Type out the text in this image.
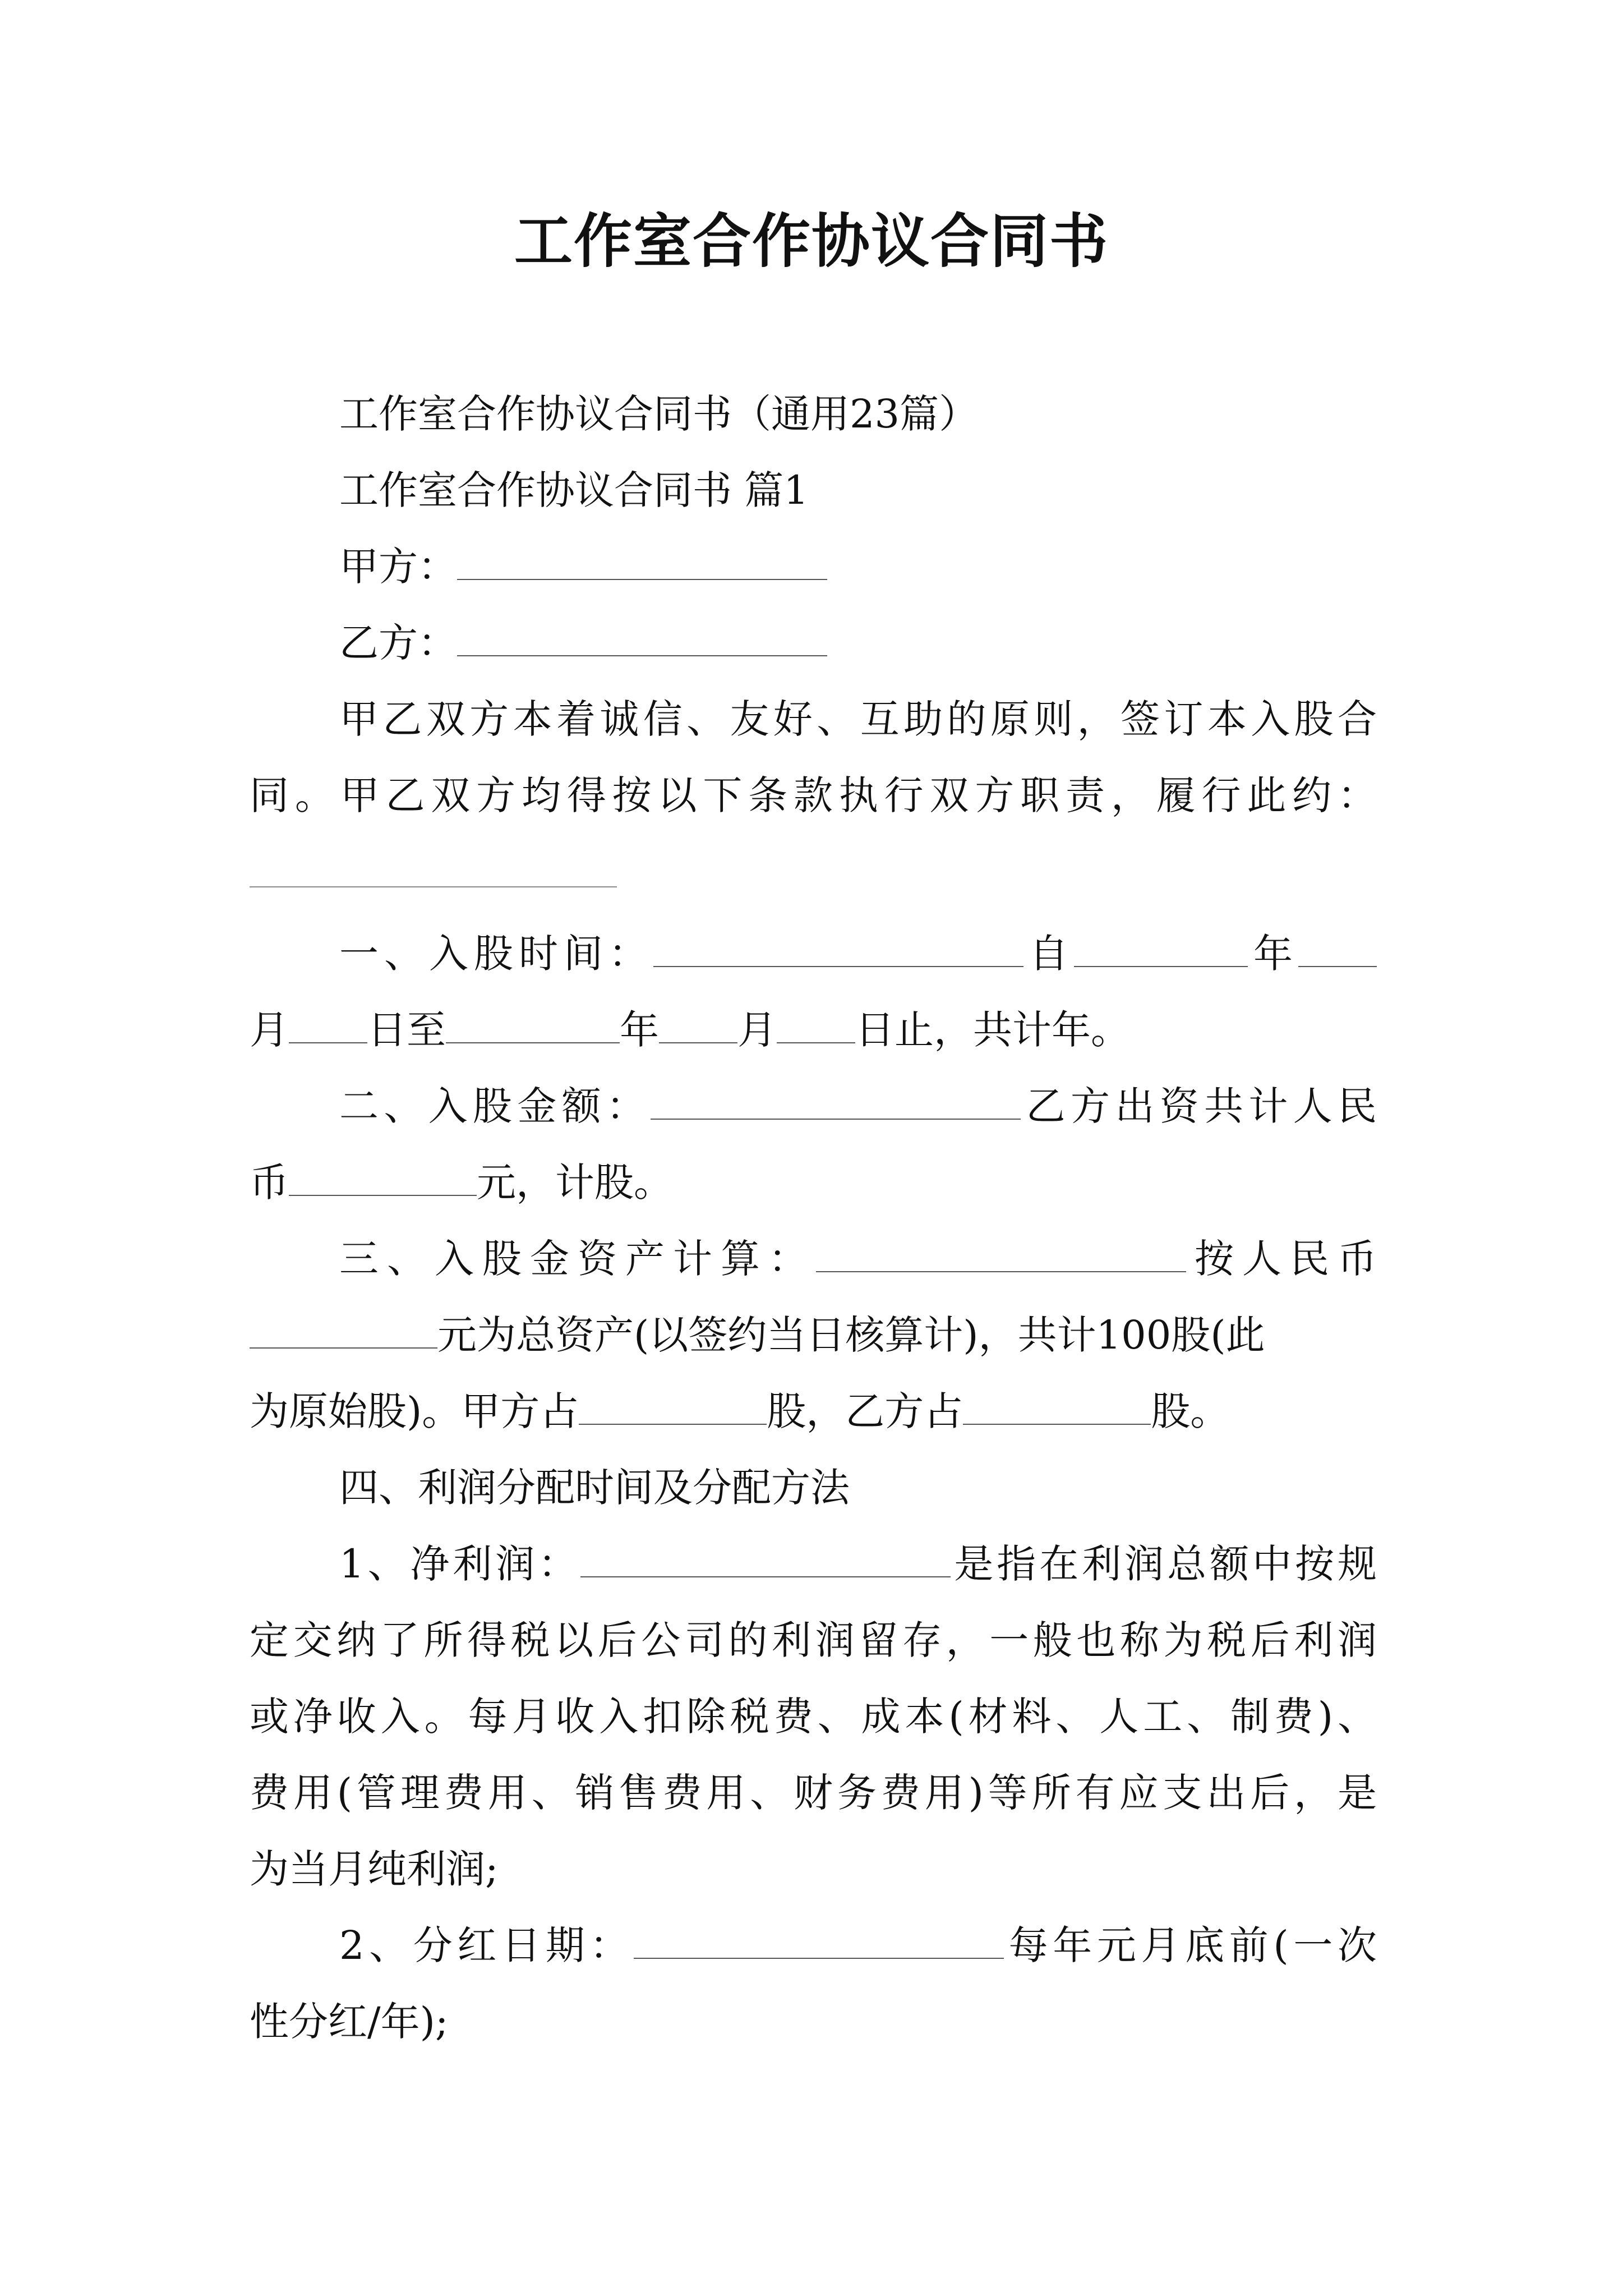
工作室合作协议合同书
工作室合作协议合同书（通用23篇）
工作室合作协议合同书 篇1
甲方：
乙方：
甲乙双方本着诚信、友好、互助的原则，签订本入股合
同。甲乙双方均得按以下条款执行双方职责，履行此约：
一、入股时间：	自	年
月 日至	年 月 日止，共计年。
二、入股金额：	乙方出资共计人民
币	元，计股。
三、入股金资产计算：	按人民币
元为总资产(以签约当日核算计)，共计100股(此
为原始股)。甲方占	股，乙方占	股。
四、利润分配时间及分配方法
1、净利润：	是指在利润总额中按规
定交纳了所得税以后公司的利润留存，一般也称为税后利润
或净收入。每月收入扣除税费、成本(材料、人工、制费)、
费用(管理费用、销售费用、财务费用)等所有应支出后，是
为当月纯利润;
2、分红日期：	每年元月底前(一次
性分红/年);
